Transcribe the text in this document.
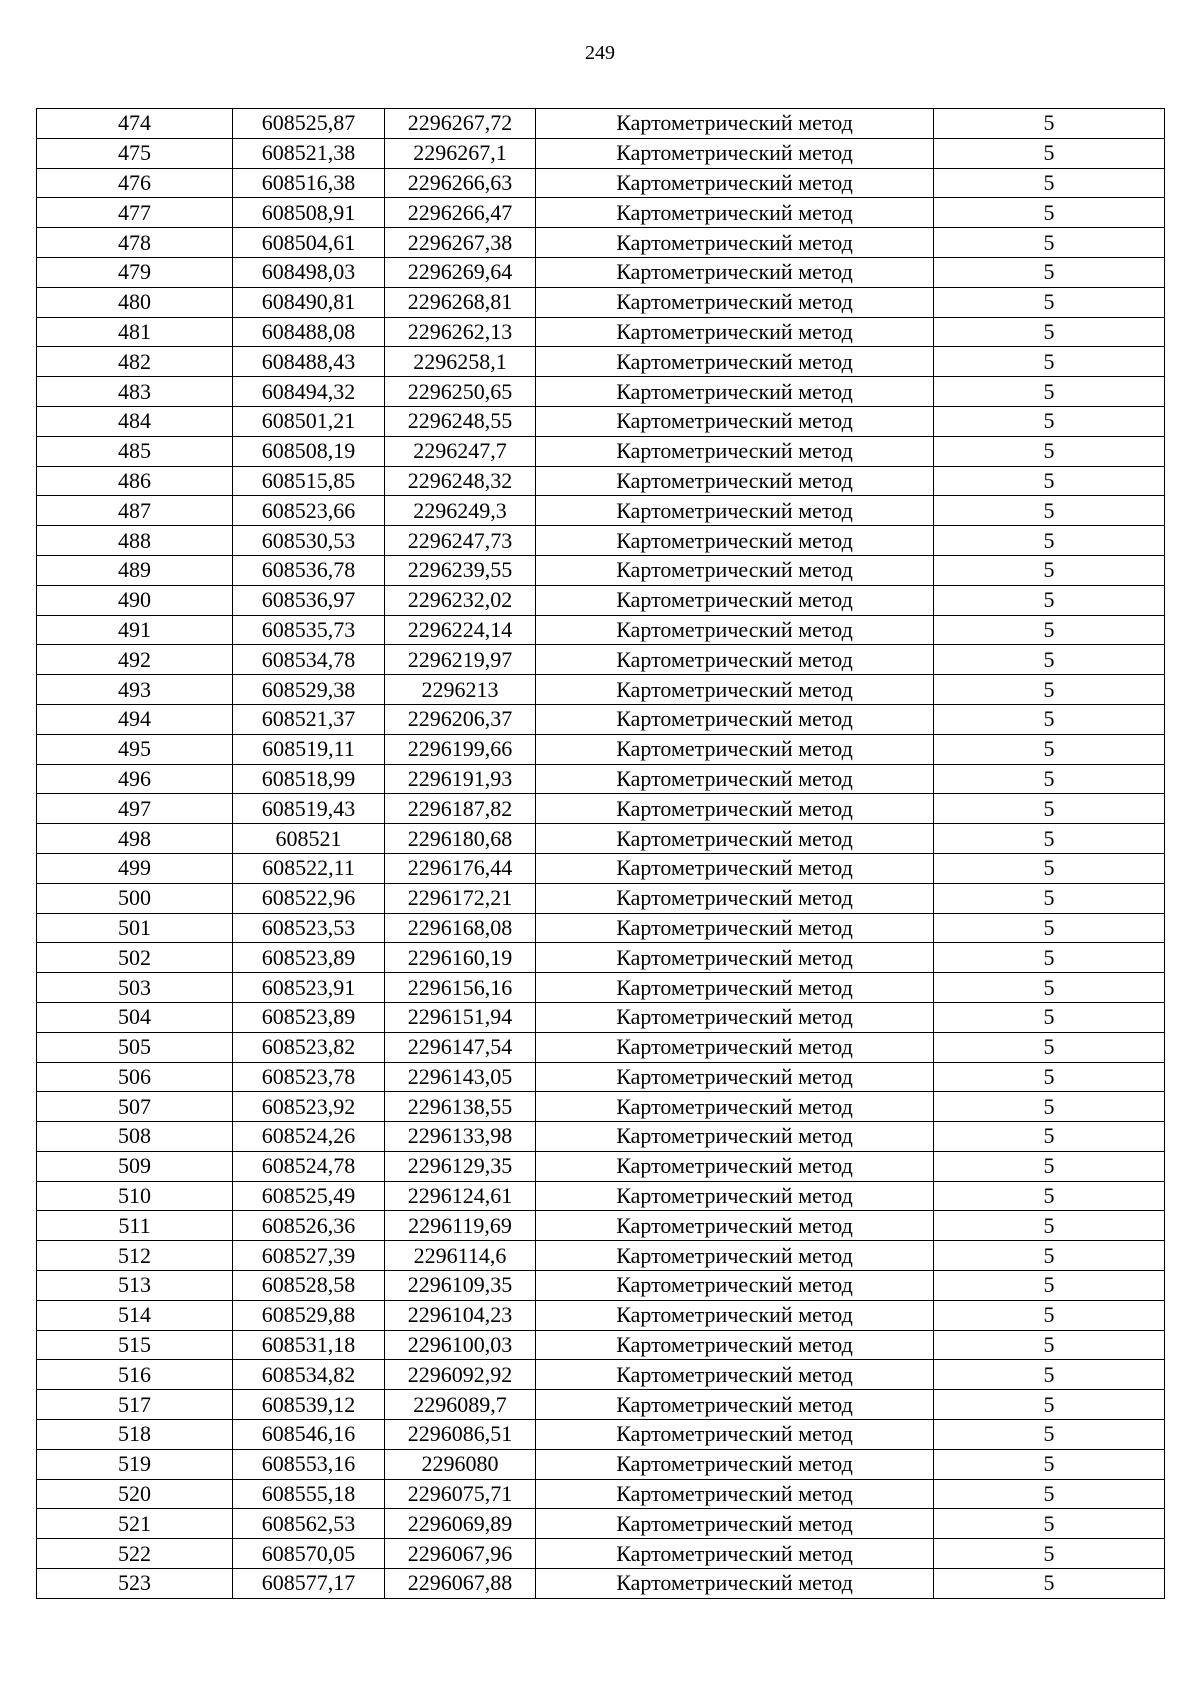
249
474	608525,87	2296267,72	Картометрический метод	5
475	608521,38	2296267,1	Картометрический метод	5
476	608516,38	2296266,63	Картометрический метод	5
477	608508,91	2296266,47	Картометрический метод	5
478	608504,61	2296267,38	Картометрический метод	5
479	608498,03	2296269,64	Картометрический метод	5
480	608490,81	2296268,81	Картометрический метод	5
481	608488,08	2296262,13	Картометрический метод	5
482	608488,43	2296258,1	Картометрический метод	5
483	608494,32	2296250,65	Картометрический метод	5
484	608501,21	2296248,55	Картометрический метод	5
485	608508,19	2296247,7	Картометрический метод	5
486	608515,85	2296248,32	Картометрический метод	5
487	608523,66	2296249,3	Картометрический метод	5
488	608530,53	2296247,73	Картометрический метод	5
489	608536,78	2296239,55	Картометрический метод	5
490	608536,97	2296232,02	Картометрический метод	5
491	608535,73	2296224,14	Картометрический метод	5
492	608534,78	2296219,97	Картометрический метод	5
493	608529,38	2296213	Картометрический метод	5
494	608521,37	2296206,37	Картометрический метод	5
495	608519,11	2296199,66	Картометрический метод	5
496	608518,99	2296191,93	Картометрический метод	5
497	608519,43	2296187,82	Картометрический метод	5
498	608521	2296180,68	Картометрический метод	5
499	608522,11	2296176,44	Картометрический метод	5
500	608522,96	2296172,21	Картометрический метод	5
501	608523,53	2296168,08	Картометрический метод	5
502	608523,89	2296160,19	Картометрический метод	5
503	608523,91	2296156,16	Картометрический метод	5
504	608523,89	2296151,94	Картометрический метод	5
505	608523,82	2296147,54	Картометрический метод	5
506	608523,78	2296143,05	Картометрический метод	5
507	608523,92	2296138,55	Картометрический метод	5
508	608524,26	2296133,98	Картометрический метод	5
509	608524,78	2296129,35	Картометрический метод	5
510	608525,49	2296124,61	Картометрический метод	5
511	608526,36	2296119,69	Картометрический метод	5
512	608527,39	2296114,6	Картометрический метод	5
513	608528,58	2296109,35	Картометрический метод	5
514	608529,88	2296104,23	Картометрический метод	5
515	608531,18	2296100,03	Картометрический метод	5
516	608534,82	2296092,92	Картометрический метод	5
517	608539,12	2296089,7	Картометрический метод	5
518	608546,16	2296086,51	Картометрический метод	5
519	608553,16	2296080	Картометрический метод	5
520	608555,18	2296075,71	Картометрический метод	5
521	608562,53	2296069,89	Картометрический метод	5
522	608570,05	2296067,96	Картометрический метод	5
523	608577,17	2296067,88	Картометрический метод	5
